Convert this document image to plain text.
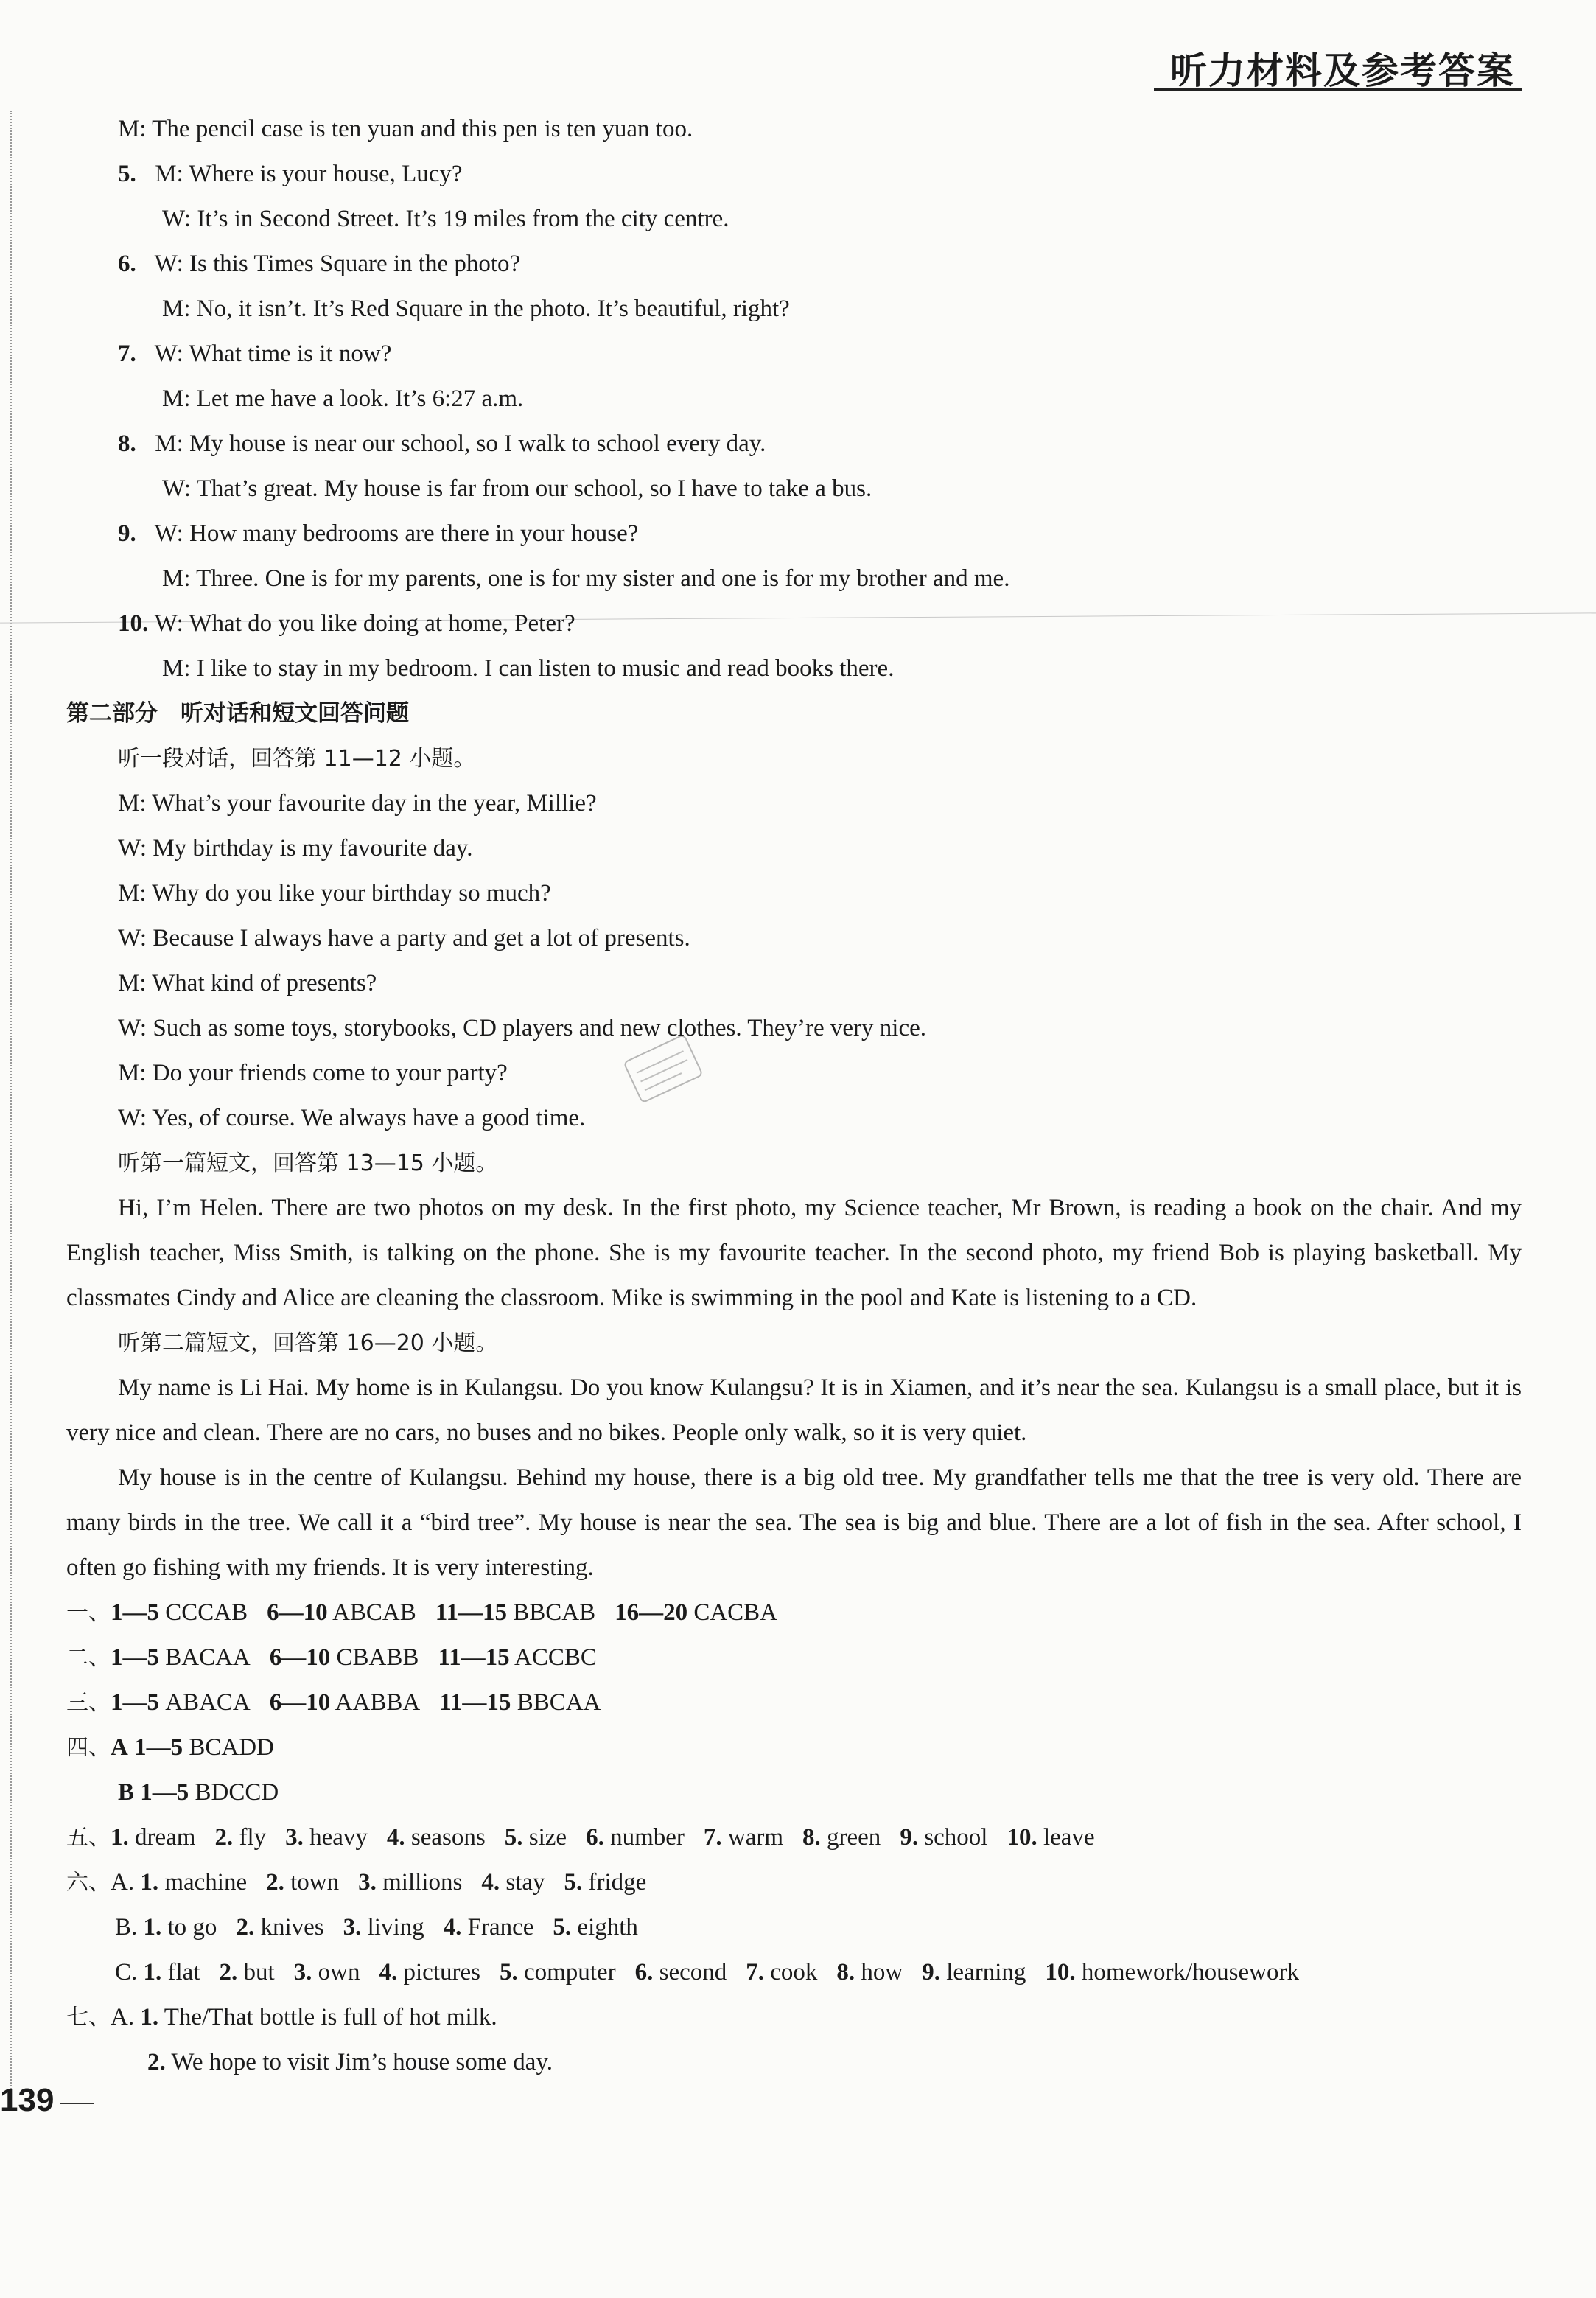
听力材料及参考答案
M: The pencil case is ten yuan and this pen is ten yuan too.
5. M: Where is your house, Lucy?
W: It’s in Second Street. It’s 19 miles from the city centre.
6. W: Is this Times Square in the photo?
M: No, it isn’t. It’s Red Square in the photo. It’s beautiful, right?
7. W: What time is it now?
M: Let me have a look. It’s 6:27 a.m.
8. M: My house is near our school, so I walk to school every day.
W: That’s great. My house is far from our school, so I have to take a bus.
9. W: How many bedrooms are there in your house?
M: Three. One is for my parents, one is for my sister and one is for my brother and me.
10. W: What do you like doing at home, Peter?
M: I like to stay in my bedroom. I can listen to music and read books there.
第二部分　听对话和短文回答问题
听一段对话，回答第 11—12 小题。
M: What’s your favourite day in the year, Millie?
W: My birthday is my favourite day.
M: Why do you like your birthday so much?
W: Because I always have a party and get a lot of presents.
M: What kind of presents?
W: Such as some toys, storybooks, CD players and new clothes. They’re very nice.
M: Do your friends come to your party?
W: Yes, of course. We always have a good time.
听第一篇短文，回答第 13—15 小题。

Hi, I’m Helen. There are two photos on my desk. In the first photo, my Science teacher, Mr Brown, is reading a book on the chair. And my English teacher, Miss Smith, is talking on the phone. She is my favourite teacher. In the second photo, my friend Bob is playing basketball. My classmates Cindy and Alice are cleaning the classroom. Mike is swimming in the pool and Kate is listening to a CD.

听第二篇短文，回答第 16—20 小题。

My name is Li Hai. My home is in Kulangsu. Do you know Kulangsu? It is in Xiamen, and it’s near the sea. Kulangsu is a small place, but it is very nice and clean. There are no cars, no buses and no bikes. People only walk, so it is very quiet.

My house is in the centre of Kulangsu. Behind my house, there is a big old tree. My grandfather tells me that the tree is very old. There are many birds in the tree. We call it a “bird tree”. My house is near the sea. The sea is big and blue. There are a lot of fish in the sea. After school, I often go fishing with my friends. It is very interesting.

一、1—5 CCCAB 6—10 ABCAB 11—15 BBCAB 16—20 CACBA
二、1—5 BACAA 6—10 CBABB 11—15 ACCBC
三、1—5 ABACA 6—10 AABBA 11—15 BBCAA
四、A 1—5 BCADD
B 1—5 BDCCD
五、1. dream 2. fly 3. heavy 4. seasons 5. size 6. number 7. warm 8. green 9. school 10. leave
六、A. 1. machine 2. town 3. millions 4. stay 5. fridge
B. 1. to go 2. knives 3. living 4. France 5. eighth
C. 1. flat 2. but 3. own 4. pictures 5. computer 6. second 7. cook 8. how 9. learning 10. homework/housework
七、A. 1. The/That bottle is full of hot milk.
2. We hope to visit Jim’s house some day.
139
